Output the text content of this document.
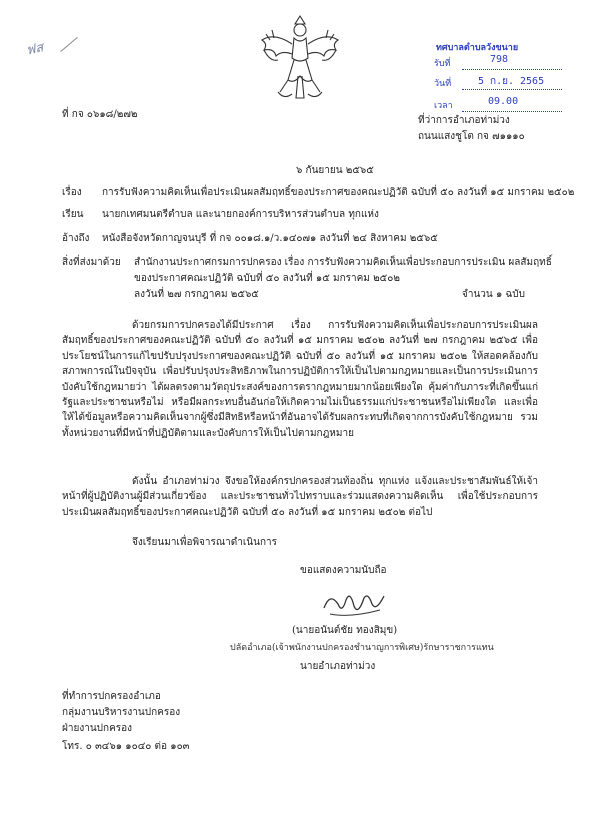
ฟส	ทศบาลตำบลวังขนาย
รับที่	798
วันที่	5 ก.ย. 2565
เวลา	09.00
ที่ กจ ๐๖๑๘/๒๗๒
ที่ว่าการอำเภอท่าม่วง
ถนนแสงชูโต กจ ๗๑๑๑๐
๖ กันยายน ๒๕๖๕
เรื่อง การรับฟังความคิดเห็นเพื่อประเมินผลสัมฤทธิ์ของประกาศของคณะปฏิวัติ ฉบับที่ ๕๐ ลงวันที่ ๑๕ มกราคม ๒๕๐๒
เรียน นายกเทศมนตรีตำบล และนายกองค์การบริหารส่วนตำบล ทุกแห่ง
อ้างถึง หนังสือจังหวัดกาญจนบุรี ที่ กจ ๐๐๑๘.๑/ว.๑๔๐๗๑ ลงวันที่ ๒๔ สิงหาคม ๒๕๖๕
สิ่งที่ส่งมาด้วย สำนักงานประกาศกรมการปกครอง เรื่อง การรับฟังความคิดเห็นเพื่อประกอบการประเมิน ผลสัมฤทธิ์
ของประกาศคณะปฏิวัติ ฉบับที่ ๕๐ ลงวันที่ ๑๕ มกราคม ๒๕๐๒
ลงวันที่ ๒๗ กรกฎาคม ๒๕๖๕	จำนวน ๑ ฉบับ
ด้วยกรมการปกครองได้มีประกาศ เรื่อง การรับฟังความคิดเห็นเพื่อประกอบการประเมินผลสัมฤทธิ์ของประกาศของคณะปฏิวัติ ฉบับที่ ๕๐ ลงวันที่ ๑๕ มกราคม ๒๕๐๒ ลงวันที่ ๒๗ กรกฎาคม ๒๕๖๕ เพื่อประโยชน์ในการแก้ไขปรับปรุงประกาศของคณะปฏิวัติ ฉบับที่ ๕๐ ลงวันที่ ๑๕ มกราคม ๒๕๐๒ ให้สอดคล้องกับสภาพการณ์ในปัจจุบัน เพื่อปรับปรุงประสิทธิภาพในการปฏิบัติการให้เป็นไปตามกฎหมายและเป็นการประเมินการบังคับใช้กฎหมายว่า ได้ผลตรงตามวัตถุประสงค์ของการตรากฎหมายมากน้อยเพียงใด คุ้มค่ากับภาระที่เกิดขึ้นแก่รัฐและประชาชนหรือไม่ หรือมีผลกระทบอื่นอันก่อให้เกิดความไม่เป็นธรรมแก่ประชาชนหรือไม่เพียงใด และเพื่อให้ได้ข้อมูลหรือความคิดเห็นจากผู้ซึ่งมีสิทธิหรือหน้าที่อันอาจได้รับผลกระทบที่เกิดจากการบังคับใช้กฎหมาย รวมทั้งหน่วยงานที่มีหน้าที่ปฏิบัติตามและบังคับการให้เป็นไปตามกฎหมาย
ดังนั้น อำเภอท่าม่วง จึงขอให้องค์กรปกครองส่วนท้องถิ่น ทุกแห่ง แจ้งและประชาสัมพันธ์ให้เจ้าหน้าที่ผู้ปฏิบัติงานผู้มีส่วนเกี่ยวข้อง และประชาชนทั่วไปทราบและร่วมแสดงความคิดเห็น เพื่อใช้ประกอบการประเมินผลสัมฤทธิ์ของประกาศคณะปฏิวัติ ฉบับที่ ๕๐ ลงวันที่ ๑๕ มกราคม ๒๕๐๒ ต่อไป
จึงเรียนมาเพื่อพิจารณาดำเนินการ
ขอแสดงความนับถือ
(นายอนันต์ชัย ทองสิมุข)
ปลัดอำเภอ(เจ้าพนักงานปกครองชำนาญการพิเศษ)รักษาราชการแทน
นายอำเภอท่าม่วง
ที่ทำการปกครองอำเภอ
กลุ่มงานบริหารงานปกครอง
ฝ่ายงานปกครอง
โทร. ๐ ๓๔๖๑ ๑๐๔๐ ต่อ ๑๐๓
